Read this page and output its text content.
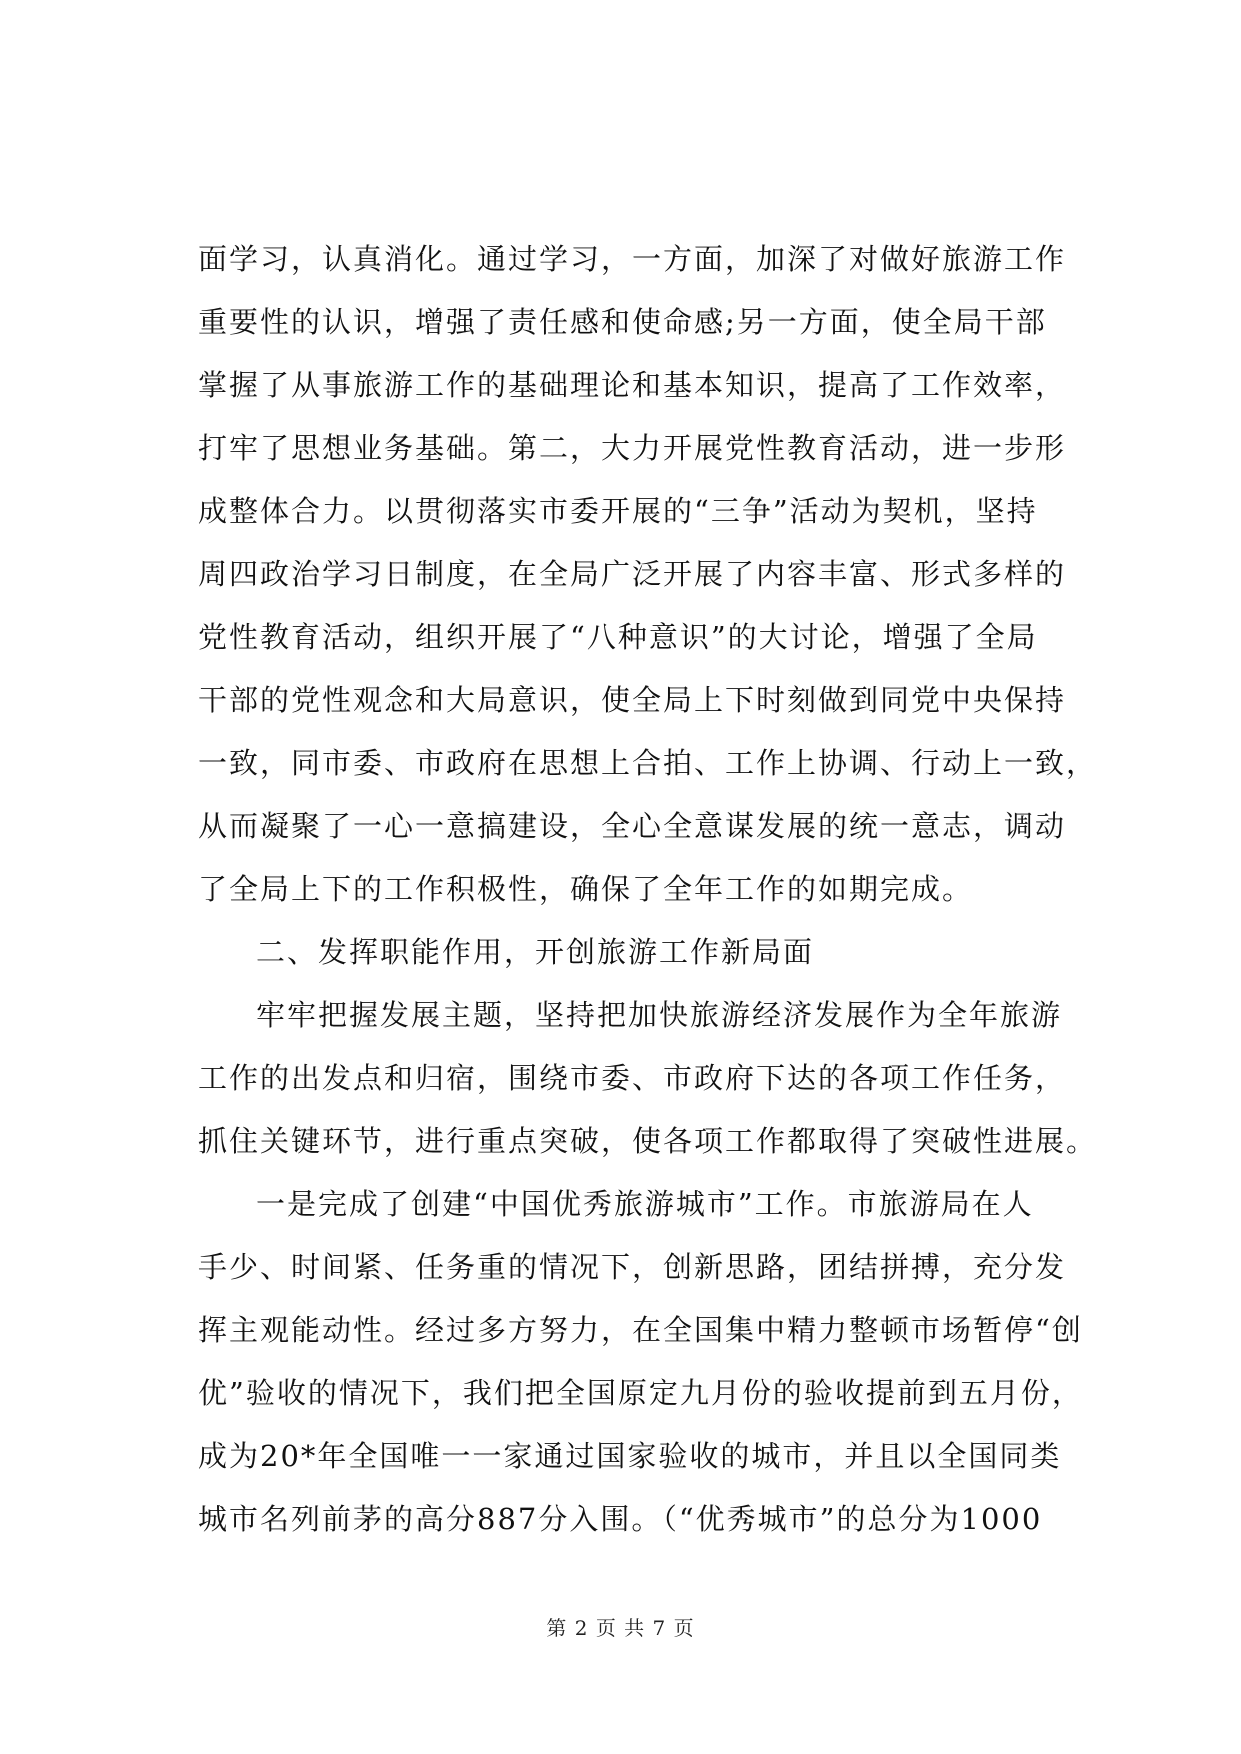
面学习，认真消化。通过学习，一方面，加深了对做好旅游工作
重要性的认识，增强了责任感和使命感;另一方面，使全局干部
掌握了从事旅游工作的基础理论和基本知识，提高了工作效率，
打牢了思想业务基础。第二，大力开展党性教育活动，进一步形
成整体合力。以贯彻落实市委开展的“三争”活动为契机，坚持
周四政治学习日制度，在全局广泛开展了内容丰富、形式多样的
党性教育活动，组织开展了“八种意识”的大讨论，增强了全局
干部的党性观念和大局意识，使全局上下时刻做到同党中央保持
一致，同市委、市政府在思想上合拍、工作上协调、行动上一致，
从而凝聚了一心一意搞建设，全心全意谋发展的统一意志，调动
了全局上下的工作积极性，确保了全年工作的如期完成。
二、发挥职能作用，开创旅游工作新局面
牢牢把握发展主题，坚持把加快旅游经济发展作为全年旅游
工作的出发点和归宿，围绕市委、市政府下达的各项工作任务，
抓住关键环节，进行重点突破，使各项工作都取得了突破性进展。
一是完成了创建“中国优秀旅游城市”工作。市旅游局在人
手少、时间紧、任务重的情况下，创新思路，团结拼搏，充分发
挥主观能动性。经过多方努力，在全国集中精力整顿市场暂停“创
优”验收的情况下，我们把全国原定九月份的验收提前到五月份，
成为20*年全国唯一一家通过国家验收的城市，并且以全国同类
城市名列前茅的高分887分入围。（“优秀城市”的总分为1000
第 2 页 共 7 页
